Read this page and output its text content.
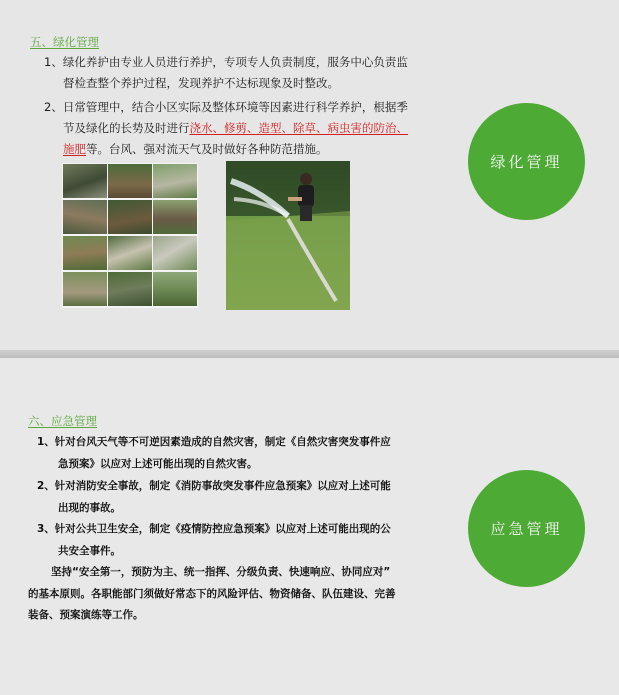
五、绿化管理
1、绿化养护由专业人员进行养护，专项专人负责制度，服务中心负责监
督检查整个养护过程，发现养护不达标现象及时整改。
2、日常管理中，结合小区实际及整体环境等因素进行科学养护，根据季
节及绿化的长势及时进行浇水、修剪、造型、除草、病虫害的防治、
施肥等。台风、强对流天气及时做好各种防范措施。
绿化管理
六、应急管理
1、针对台风天气等不可逆因素造成的自然灾害，制定《自然灾害突发事件应
急预案》以应对上述可能出现的自然灾害。
2、针对消防安全事故，制定《消防事故突发事件应急预案》以应对上述可能
出现的事故。
3、针对公共卫生安全，制定《疫情防控应急预案》以应对上述可能出现的公
共安全事件。
坚持“安全第一，预防为主、统一指挥、分级负责、快速响应、协同应对”
的基本原则。各职能部门须做好常态下的风险评估、物资储备、队伍建设、完善
装备、预案演练等工作。
应急管理
